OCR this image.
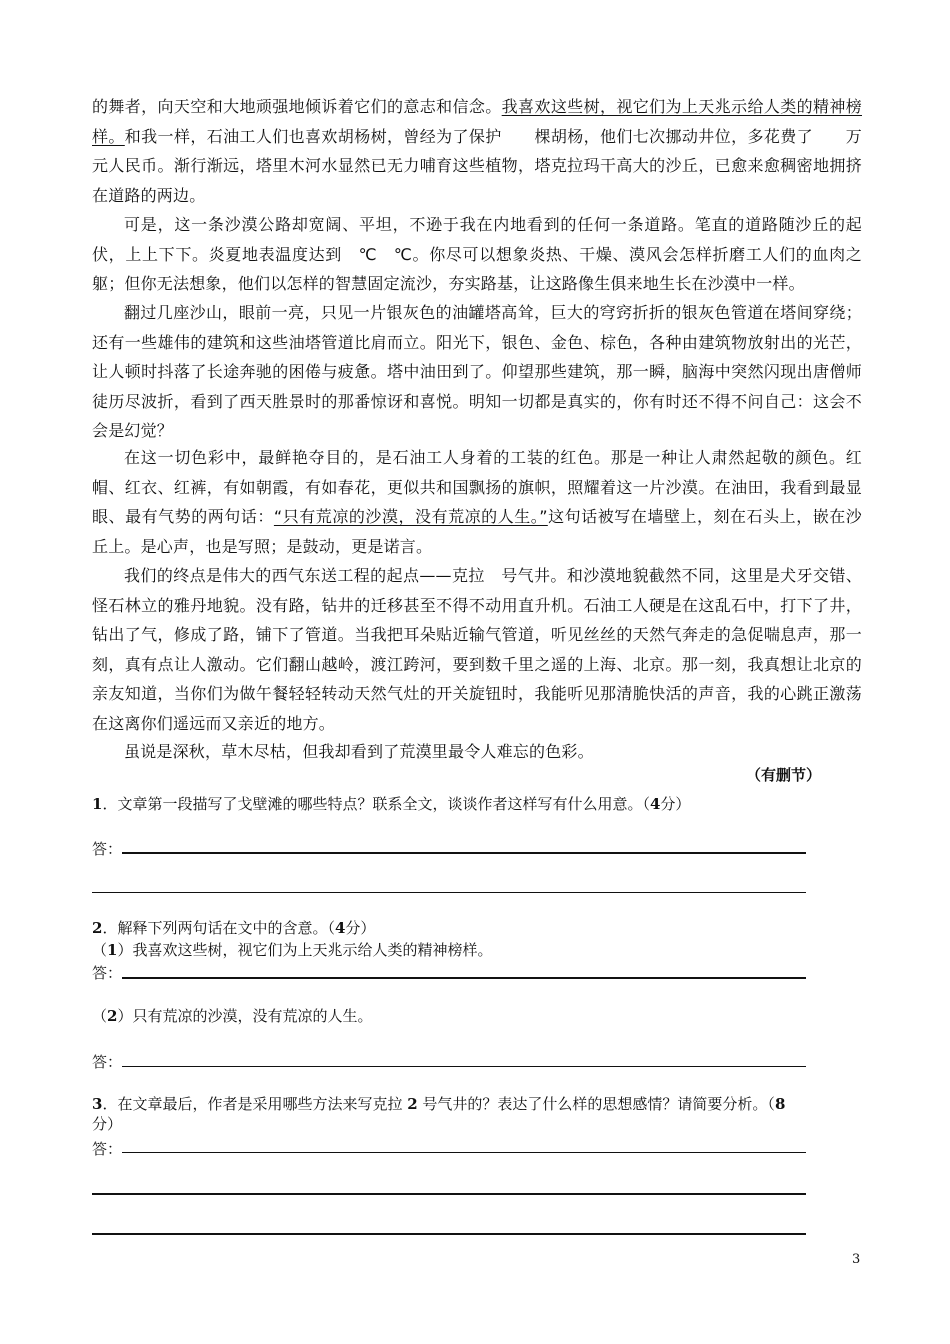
的舞者，向天空和大地顽强地倾诉着它们的意志和信念。我喜欢这些树，视它们为上天兆示给人类的精神榜样。和我一样，石油工人们也喜欢胡杨树，曾经为了保护　　棵胡杨，他们七次挪动井位，多花费了　　万元人民币。渐行渐远，塔里木河水显然已无力哺育这些植物，塔克拉玛干高大的沙丘，已愈来愈稠密地拥挤在道路的两边。
可是，这一条沙漠公路却宽阔、平坦，不逊于我在内地看到的任何一条道路。笔直的道路随沙丘的起伏，上上下下。炎夏地表温度达到　℃　℃。你尽可以想象炎热、干燥、漠风会怎样折磨工人们的血肉之躯；但你无法想象，他们以怎样的智慧固定流沙，夯实路基，让这路像生俱来地生长在沙漠中一样。
翻过几座沙山，眼前一亮，只见一片银灰色的油罐塔高耸，巨大的穹窍折折的银灰色管道在塔间穿绕；还有一些雄伟的建筑和这些油塔管道比肩而立。阳光下，银色、金色、棕色，各种由建筑物放射出的光芒，让人顿时抖落了长途奔驰的困倦与疲惫。塔中油田到了。仰望那些建筑，那一瞬，脑海中突然闪现出唐僧师徒历尽波折，看到了西天胜景时的那番惊讶和喜悦。明知一切都是真实的，你有时还不得不问自己：这会不会是幻觉？
在这一切色彩中，最鲜艳夺目的，是石油工人身着的工装的红色。那是一种让人肃然起敬的颜色。红帽、红衣、红裤，有如朝霞，有如春花，更似共和国飘扬的旗帜，照耀着这一片沙漠。在油田，我看到最显眼、最有气势的两句话：“只有荒凉的沙漠，没有荒凉的人生。”这句话被写在墙壁上，刻在石头上，嵌在沙丘上。是心声，也是写照；是鼓动，更是诺言。
我们的终点是伟大的西气东送工程的起点——克拉　号气井。和沙漠地貌截然不同，这里是犬牙交错、怪石林立的雅丹地貌。没有路，钻井的迁移甚至不得不动用直升机。石油工人硬是在这乱石中，打下了井，钻出了气，修成了路，铺下了管道。当我把耳朵贴近输气管道，听见丝丝的天然气奔走的急促喘息声，那一刻，真有点让人激动。它们翻山越岭，渡江跨河，要到数千里之遥的上海、北京。那一刻，我真想让北京的亲友知道，当你们为做午餐轻轻转动天然气灶的开关旋钮时，我能听见那清脆快活的声音，我的心跳正激荡在这离你们遥远而又亲近的地方。
虽说是深秋，草木尽枯，但我却看到了荒漠里最令人难忘的色彩。
（有删节）
1．文章第一段描写了戈壁滩的哪些特点？联系全文，谈谈作者这样写有什么用意。（4分）
答：
2．解释下列两句话在文中的含意。（4分）
（1）我喜欢这些树，视它们为上天兆示给人类的精神榜样。
答：
（2）只有荒凉的沙漠，没有荒凉的人生。
答：
3．在文章最后，作者是采用哪些方法来写克拉 2 号气井的？表达了什么样的思想感情？请简要分析。（8
分）
答：
3
